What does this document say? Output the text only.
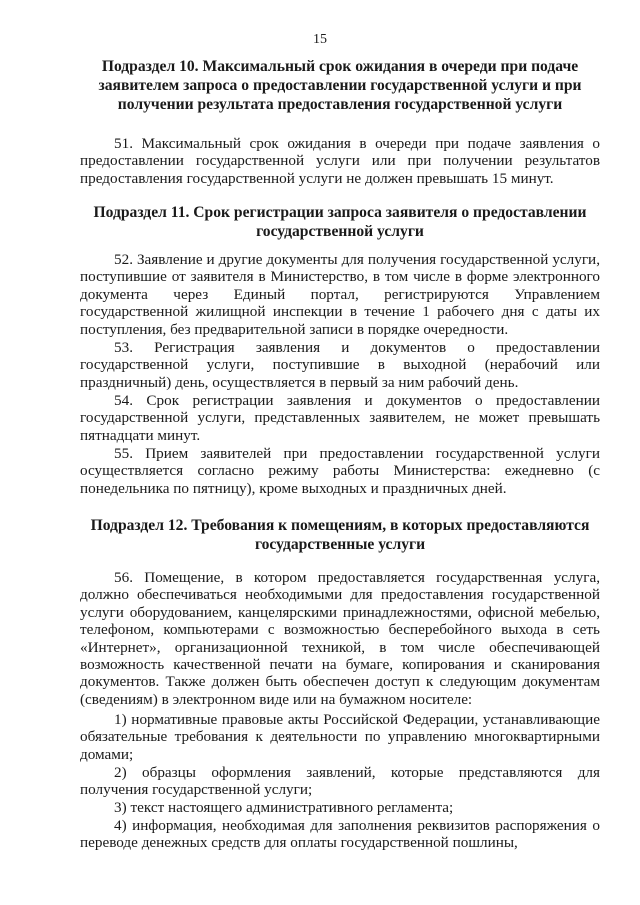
15
Подраздел 10. Максимальный срок ожидания в очереди при подаче заявителем запроса о предоставлении государственной услуги и при получении результата предоставления государственной услуги
51. Максимальный срок ожидания в очереди при подаче заявления о предоставлении государственной услуги или при получении результатов предоставления государственной услуги не должен превышать 15 минут.
Подраздел 11. Срок регистрации запроса заявителя о предоставлении государственной услуги
52. Заявление и другие документы для получения государственной услуги, поступившие от заявителя в Министерство, в том числе в форме электронного документа через Единый портал, регистрируются Управлением государственной жилищной инспекции в течение 1 рабочего дня с даты их поступления, без предварительной записи в порядке очередности.
53. Регистрация заявления и документов о предоставлении государственной услуги, поступившие в выходной (нерабочий или праздничный) день, осуществляется в первый за ним рабочий день.
54. Срок регистрации заявления и документов о предоставлении государственной услуги, представленных заявителем, не может превышать пятнадцати минут.
55. Прием заявителей при предоставлении государственной услуги осуществляется согласно режиму работы Министерства: ежедневно (с понедельника по пятницу), кроме выходных и праздничных дней.
Подраздел 12. Требования к помещениям, в которых предоставляются государственные услуги
56. Помещение, в котором предоставляется государственная услуга, должно обеспечиваться необходимыми для предоставления государственной услуги оборудованием, канцелярскими принадлежностями, офисной мебелью, телефоном, компьютерами с возможностью бесперебойного выхода в сеть «Интернет», организационной техникой, в том числе обеспечивающей возможность качественной печати на бумаге, копирования и сканирования документов. Также должен быть обеспечен доступ к следующим документам (сведениям) в электронном виде или на бумажном носителе:
1) нормативные правовые акты Российской Федерации, устанавливающие обязательные требования к деятельности по управлению многоквартирными домами;
2) образцы оформления заявлений, которые представляются для получения государственной услуги;
3) текст настоящего административного регламента;
4) информация, необходимая для заполнения реквизитов распоряжения о переводе денежных средств для оплаты государственной пошлины,
